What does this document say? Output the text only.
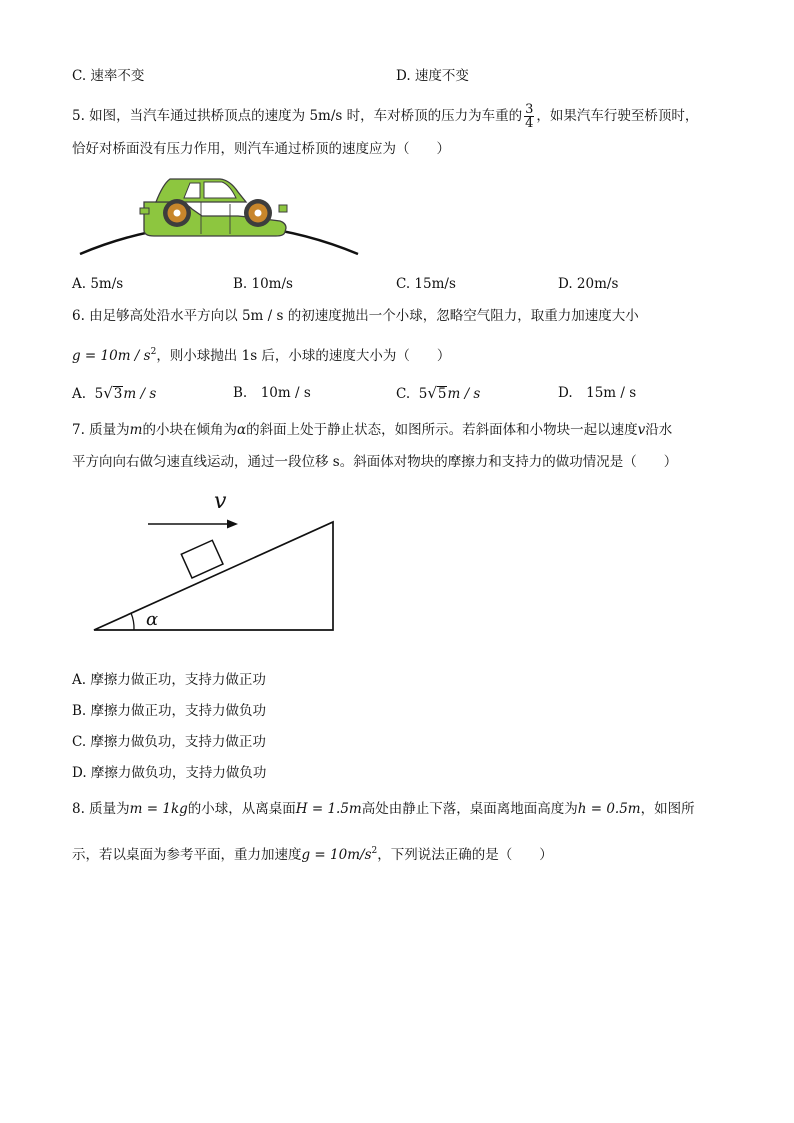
C. 速率不变	D. 速度不变
5. 如图，当汽车通过拱桥顶点的速度为 5m/s 时，车对桥顶的压力为车重的 $\frac{3}{4}$ ，如果汽车行驶至桥顶时，
恰好对桥面没有压力作用，则汽车通过桥顶的速度应为（　　）
A. 5m/s	B. 10m/s	C. 15m/s	D. 20m/s
6. 由足够高处沿水平方向以 5m / s 的初速度抛出一个小球，忽略空气阻力，取重力加速度大小
$g = 10m / s^2$，则小球抛出 1s 后，小球的速度大小为（　　）
A. 5√3m / s	B.　10m / s	C. 5√5m / s	D.　15m / s
7. 质量为m的小块在倾角为α的斜面上处于静止状态，如图所示。若斜面体和小物块一起以速度v沿水
平方向向右做匀速直线运动，通过一段位移 s。斜面体对物块的摩擦力和支持力的做功情况是（　　）
v
α
A. 摩擦力做正功，支持力做正功
B. 摩擦力做正功，支持力做负功
C. 摩擦力做负功，支持力做正功
D. 摩擦力做负功，支持力做负功
8. 质量为m = 1kg的小球，从离桌面H = 1.5m高处由静止下落，桌面离地面高度为h = 0.5m，如图所
示，若以桌面为参考平面，重力加速度$g = 10m/s^2$，下列说法正确的是（　　）
